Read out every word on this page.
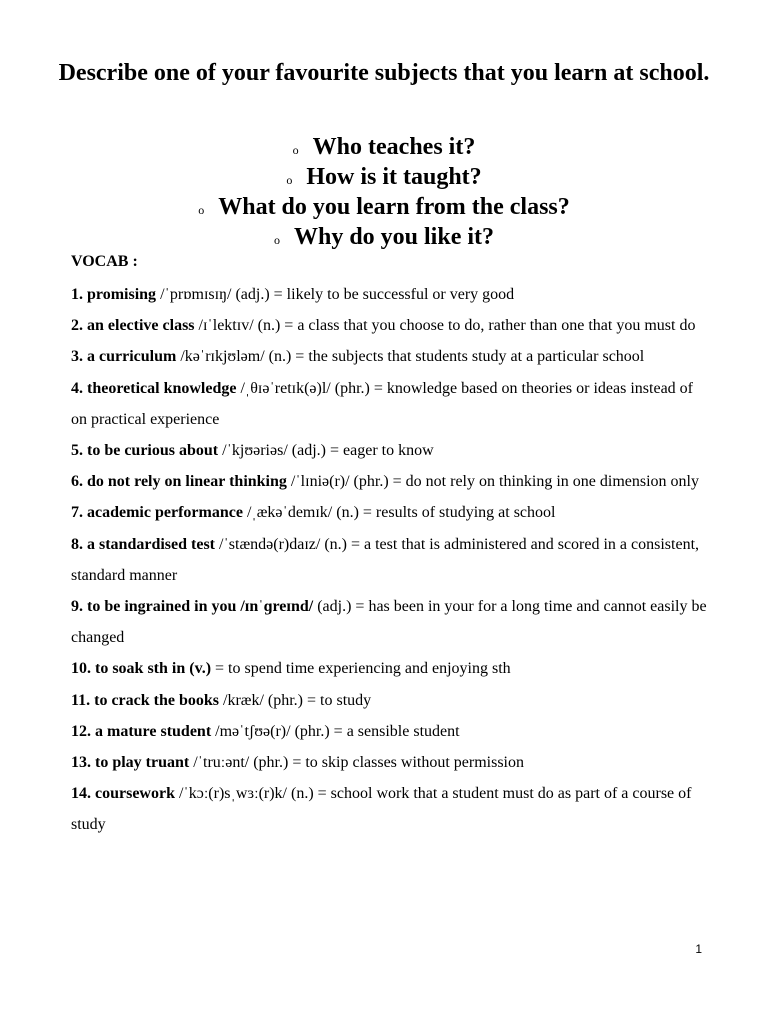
Describe one of your favourite subjects that you learn at school.
o Who teaches it?
o How is it taught?
o What do you learn from the class?
o Why do you like it?
VOCAB :
1. promising /ˈprɒmɪsɪŋ/ (adj.) = likely to be successful or very good
2. an elective class /ɪˈlektɪv/ (n.) = a class that you choose to do, rather than one that you must do
3. a curriculum /kəˈrɪkjʊləm/ (n.) = the subjects that students study at a particular school
4. theoretical knowledge /ˌθɪəˈretɪk(ə)l/ (phr.) = knowledge based on theories or ideas instead of on practical experience
5. to be curious about /ˈkjʊəriəs/ (adj.) = eager to know
6. do not rely on linear thinking /ˈlɪniə(r)/ (phr.) = do not rely on thinking in one dimension only
7. academic performance /ˌækəˈdemɪk/ (n.) = results of studying at school
8. a standardised test /ˈstændə(r)daɪz/ (n.) = a test that is administered and scored in a consistent, standard manner
9. to be ingrained in you /ɪnˈɡreɪnd/ (adj.) = has been in your for a long time and cannot easily be changed
10. to soak sth in (v.) = to spend time experiencing and enjoying sth
11. to crack the books /kræk/ (phr.) = to study
12. a mature student /məˈtʃʊə(r)/ (phr.) = a sensible student
13. to play truant /ˈtruːənt/ (phr.) = to skip classes without permission
14. coursework /ˈkɔː(r)sˌwɜː(r)k/ (n.) = school work that a student must do as part of a course of study
1
